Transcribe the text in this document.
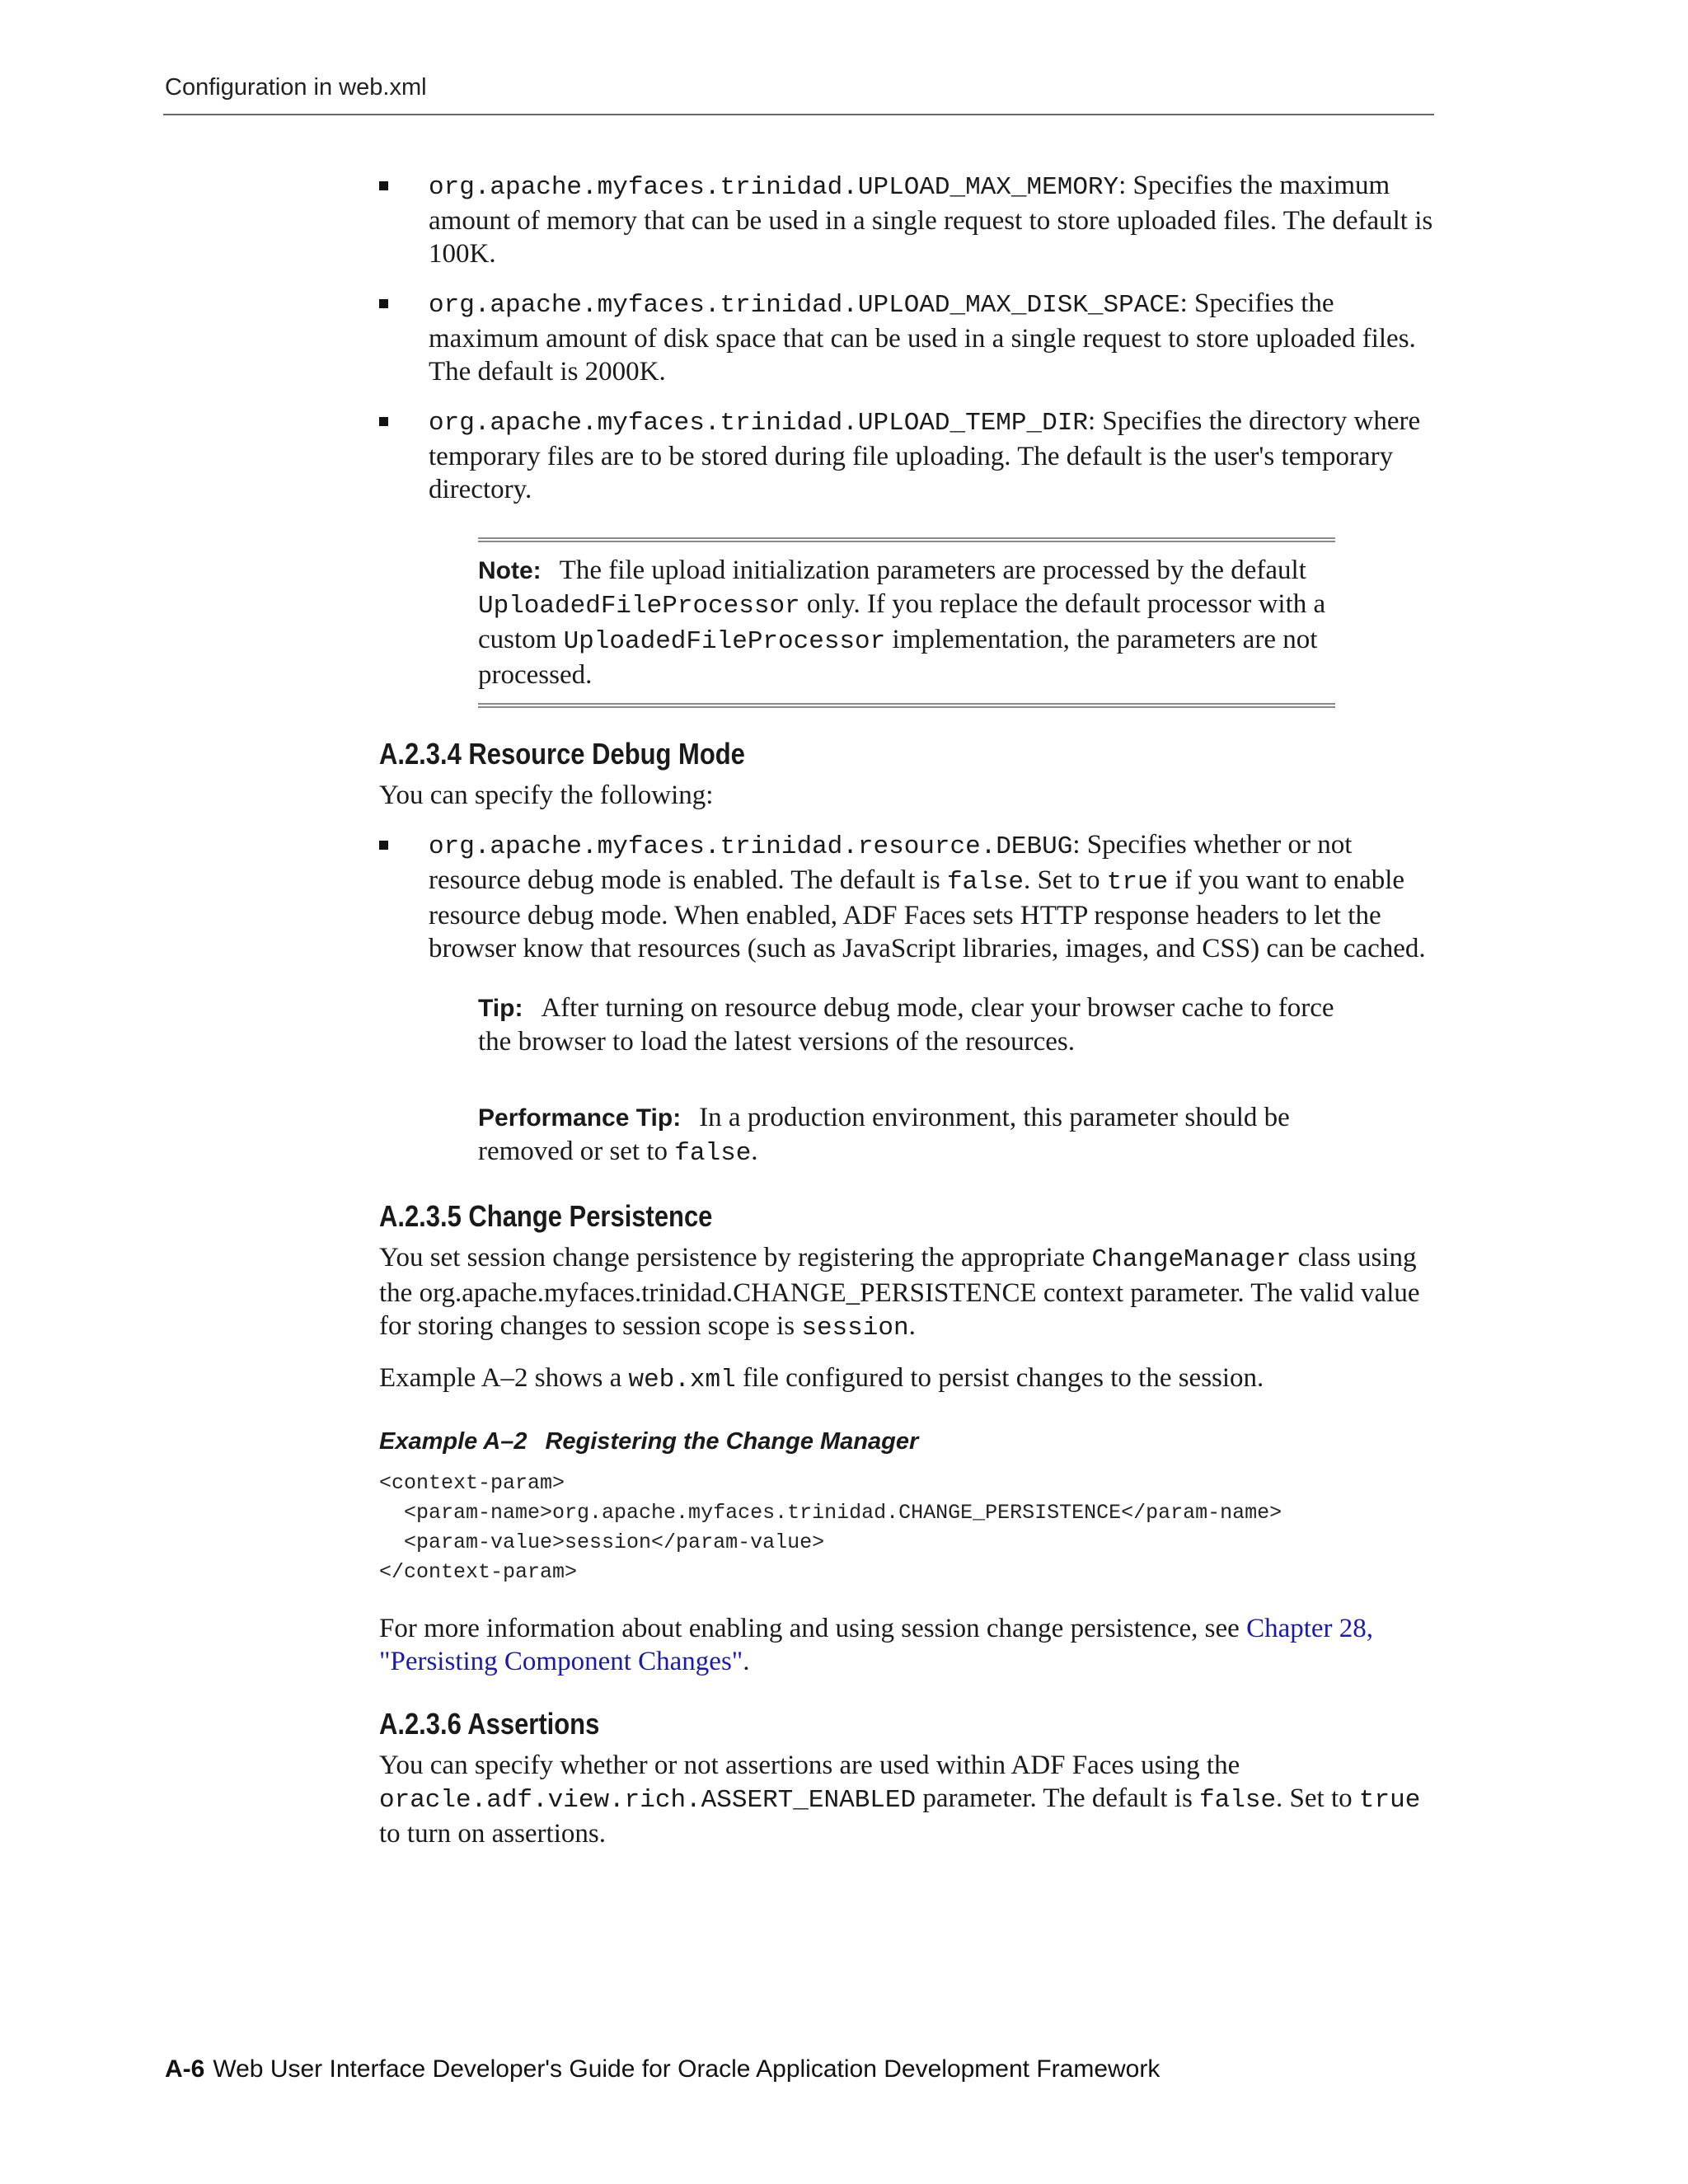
Configuration in web.xml
org.apache.myfaces.trinidad.UPLOAD_MAX_MEMORY: Specifies the maximum amount of memory that can be used in a single request to store uploaded files. The default is 100K.
org.apache.myfaces.trinidad.UPLOAD_MAX_DISK_SPACE: Specifies the maximum amount of disk space that can be used in a single request to store uploaded files. The default is 2000K.
org.apache.myfaces.trinidad.UPLOAD_TEMP_DIR: Specifies the directory where temporary files are to be stored during file uploading. The default is the user's temporary directory.

Note: The file upload initialization parameters are processed by the default UploadedFileProcessor only. If you replace the default processor with a custom UploadedFileProcessor implementation, the parameters are not processed.

A.2.3.4 Resource Debug Mode

You can specify the following:

org.apache.myfaces.trinidad.resource.DEBUG: Specifies whether or not resource debug mode is enabled. The default is false. Set to true if you want to enable resource debug mode. When enabled, ADF Faces sets HTTP response headers to let the browser know that resources (such as JavaScript libraries, images, and CSS) can be cached.

Tip: After turning on resource debug mode, clear your browser cache to force the browser to load the latest versions of the resources.

Performance Tip: In a production environment, this parameter should be removed or set to false.

A.2.3.5 Change Persistence

You set session change persistence by registering the appropriate ChangeManager class using the org.apache.myfaces.trinidad.CHANGE_PERSISTENCE context parameter. The valid value for storing changes to session scope is session.

Example A–2 shows a web.xml file configured to persist changes to the session.

Example A–2 Registering the Change Manager
<context-param>
<param-name>org.apache.myfaces.trinidad.CHANGE_PERSISTENCE</param-name>
<param-value>session</param-value>
</context-param>

For more information about enabling and using session change persistence, see Chapter 28, "Persisting Component Changes".

A.2.3.6 Assertions

You can specify whether or not assertions are used within ADF Faces using the oracle.adf.view.rich.ASSERT_ENABLED parameter. The default is false. Set to true to turn on assertions.

A-6 Web User Interface Developer's Guide for Oracle Application Development Framework
